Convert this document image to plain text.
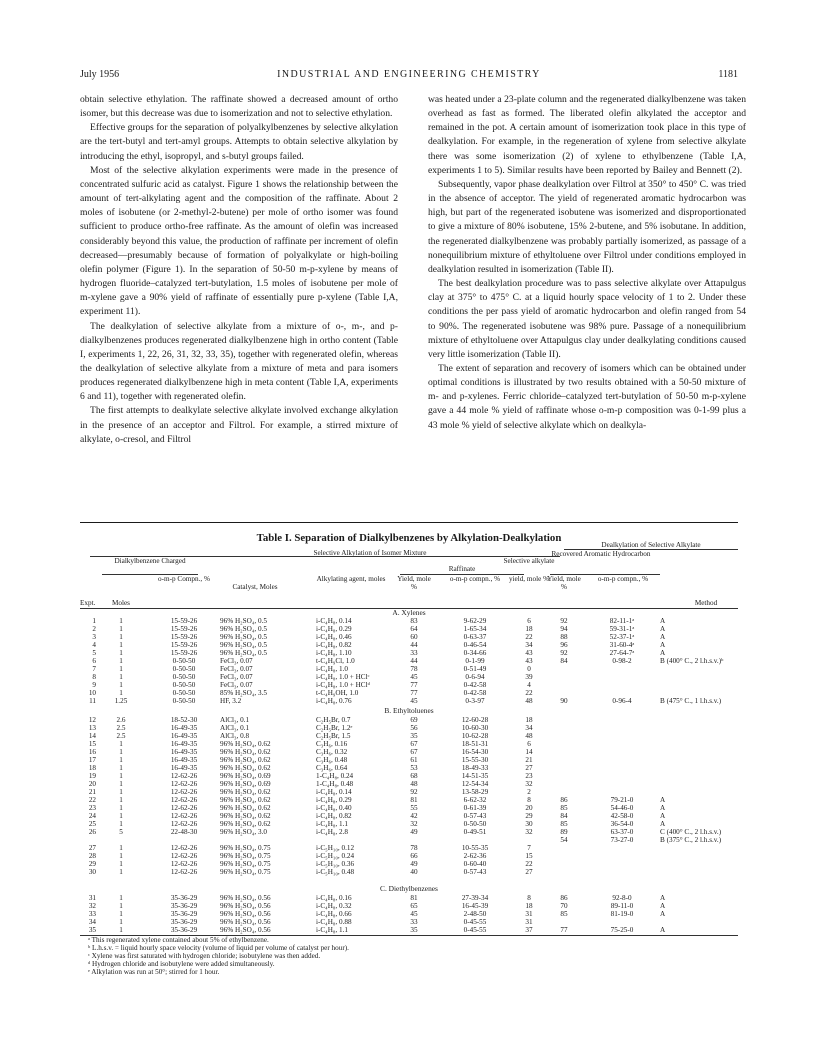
July 1956	INDUSTRIAL AND ENGINEERING CHEMISTRY	1181

obtain selective ethylation. The raffinate showed a decreased amount of ortho isomer, but this decrease was due to isomerization and not to selective ethylation.

Effective groups for the separation of polyalkylbenzenes by selective alkylation are the tert-butyl and tert-amyl groups. Attempts to obtain selective alkylation by introducing the ethyl, isopropyl, and s-butyl groups failed.

Most of the selective alkylation experiments were made in the presence of concentrated sulfuric acid as catalyst. Figure 1 shows the relationship between the amount of tert-alkylating agent and the composition of the raffinate. About 2 moles of isobutene (or 2-methyl-2-butene) per mole of ortho isomer was found sufficient to produce ortho-free raffinate. As the amount of olefin was increased considerably beyond this value, the production of raffinate per increment of olefin decreased—presumably because of formation of polyalkylate or high-boiling olefin polymer (Figure 1). In the separation of 50-50 m-p-xylene by means of hydrogen fluoride–catalyzed tert-butylation, 1.5 moles of isobutene per mole of m-xylene gave a 90% yield of raffinate of essentially pure p-xylene (Table I,A, experiment 11).

The dealkylation of selective alkylate from a mixture of o-, m-, and p-dialkylbenzenes produces regenerated dialkylbenzene high in ortho content (Table I, experiments 1, 22, 26, 31, 32, 33, 35), together with regenerated olefin, whereas the dealkylation of selective alkylate from a mixture of meta and para isomers produces regenerated dialkylbenzene high in meta content (Table I,A, experiments 6 and 11), together with regenerated olefin.

The first attempts to dealkylate selective alkylate involved exchange alkylation in the presence of an acceptor and Filtrol. For example, a stirred mixture of alkylate, o-cresol, and Filtrol

was heated under a 23-plate column and the regenerated dialkylbenzene was taken overhead as fast as formed. The liberated olefin alkylated the acceptor and remained in the pot. A certain amount of isomerization took place in this type of dealkylation. For example, in the regeneration of xylene from selective alkylate there was some isomerization (2) of xylene to ethylbenzene (Table I,A, experiments 1 to 5). Similar results have been reported by Bailey and Bennett (2).

Subsequently, vapor phase dealkylation over Filtrol at 350° to 450° C. was tried in the absence of acceptor. The yield of regenerated aromatic hydrocarbon was high, but part of the regenerated isobutene was isomerized and disproportionated to give a mixture of 80% isobutene, 15% 2-butene, and 5% isobutane. In addition, the regenerated dialkylbenzene was probably partially isomerized, as passage of a nonequilibrium mixture of ethyltoluene over Filtrol under conditions employed in dealkylation resulted in isomerization (Table II).

The best dealkylation procedure was to pass selective alkylate over Attapulgus clay at 375° to 475° C. at a liquid hourly space velocity of 1 to 2. Under these conditions the per pass yield of aromatic hydrocarbon and olefin ranged from 54 to 90%. The regenerated isobutene was 98% pure. Passage of a nonequilibrium mixture of ethyltoluene over Attapulgus clay under dealkylating conditions caused very little isomerization (Table II).

The extent of separation and recovery of isomers which can be obtained under optimal conditions is illustrated by two results obtained with a 50-50 mixture of m- and p-xylenes. Ferric chloride–catalyzed tert-butylation of 50-50 m-p-xylene gave a 44 mole % yield of raffinate whose o-m-p composition was 0-1-99 plus a 43 mole % yield of selective alkylate which on dealkyla-

Table I. Separation of Dialkylbenzenes by Alkylation-Dealkylation
Selective Alkylation of Isomer Mixture
Dealkylation of Selective Alkylate
Dialkylbenzene Charged
Raffinate
Selective alkylate
Recovered Aromatic Hydrocarbon
Expt. Moles
o-m-p Compn., %
Catalyst, Moles
Alkylating agent, moles Yield, mole %
o-m-p compn., %	yield, mole %
Yield, mole %
o-m-p compn., %
Method
A. Xylenes
1	1	15-59-26	96% H₂SO₄, 0.5	i-C₄H₈, 0.14	83	9-62-29	6	92	82-11-1ᵃ	A
2	1	15-59-26	96% H₂SO₄, 0.5	i-C₄H₈, 0.29	64	1-65-34	18	94	59-31-1ᵃ	A
3	1	15-59-26	96% H₂SO₄, 0.5	i-C₄H₈, 0.46	60	0-63-37	22	88	52-37-1ᵃ	A
4	1	15-59-26	96% H₂SO₄, 0.5	i-C₄H₈, 0.82	44	0-46-54	34	96	31-60-4ᵃ	A
5	1	15-59-26	96% H₂SO₄, 0.5	i-C₄H₈, 1.10	33	0-34-66	43	92	27-64-7ᵃ	A
6	1	0-50-50	FeCl₃, 0.07	t-C₄H₉Cl, 1.0	44	0-1-99	43	84	0-98-2	B (400° C., 2 l.h.s.v.)ᵇ
7	1	0-50-50	FeCl₃, 0.07	i-C₄H₈, 1.0	78	0-51-49	0
8	1	0-50-50	FeCl₃, 0.07	i-C₄H₈, 1.0 + HClᶜ	45	0-6-94	39
9	1	0-50-50	FeCl₃, 0.07	i-C₄H₈, 1.0 + HClᵈ	77	0-42-58	4
10	1	0-50-50	85% H₂SO₄, 3.5	t-C₄H₉OH, 1.0	77	0-42-58	22
11	1.25	0-50-50	HF, 3.2	i-C₄H₈, 0.76	45	0-3-97	48	90	0-96-4	B (475° C., 1 l.h.s.v.)
B. Ethyltoluenes
12	2.6	18-52-30	AlCl₃, 0.1	C₂H₅Br, 0.7	69	12-60-28	18
13	2.5	16-49-35	AlCl₃, 0.1	C₂H₅Br, 1.2ᵉ	56	10-60-30	34
14	2.5	16-49-35	AlCl₃, 0.8	C₂H₅Br, 1.5	35	10-62-28	48
15	1	16-49-35	96% H₂SO₄, 0.62	C₃H₆, 0.16	67	18-51-31	6
16	1	16-49-35	96% H₂SO₄, 0.62	C₃H₆, 0.32	67	16-54-30	14
17	1	16-49-35	96% H₂SO₄, 0.62	C₃H₆, 0.48	61	15-55-30	21
18	1	16-49-35	96% H₂SO₄, 0.62	C₃H₆, 0.64	53	18-49-33	27
19	1	12-62-26	96% H₂SO₄, 0.69	1-C₄H₈, 0.24	68	14-51-35	23
20	1	12-62-26	96% H₂SO₄, 0.69	1-C₄H₈, 0.48	48	12-54-34	32
21	1	12-62-26	96% H₂SO₄, 0.62	i-C₄H₈, 0.14	92	13-58-29	2
22	1	12-62-26	96% H₂SO₄, 0.62	i-C₄H₈, 0.29	81	6-62-32	8	86	79-21-0	A
23	1	12-62-26	96% H₂SO₄, 0.62	i-C₄H₈, 0.40	55	0-61-39	20	85	54-46-0	A
24	1	12-62-26	96% H₂SO₄, 0.62	i-C₄H₈, 0.82	42	0-57-43	29	84	42-58-0	A
25	1	12-62-26	96% H₂SO₄, 0.62	i-C₄H₈, 1.1	32	0-50-50	30	85	36-54-0	A
26	5	22-48-30	96% H₂SO₄, 3.0	i-C₄H₈, 2.8	49	0-49-51	32	89	63-37-0	C (400° C., 2 l.h.s.v.)
54	73-27-0	B (375° C., 2 l.h.s.v.)
27	1	12-62-26	96% H₂SO₄, 0.75	i-C₅H₁₀, 0.12	78	10-55-35	7
28	1	12-62-26	96% H₂SO₄, 0.75	i-C₅H₁₀, 0.24	66	2-62-36	15
29	1	12-62-26	96% H₂SO₄, 0.75	i-C₅H₁₀, 0.36	49	0-60-40	22
30	1	12-62-26	96% H₂SO₄, 0.75	i-C₅H₁₀, 0.48	40	0-57-43	27
C. Diethylbenzenes
31	1	35-36-29	96% H₂SO₄, 0.56	i-C₄H₈, 0.16	81	27-39-34	8	86	92-8-0	A
32	1	35-36-29	96% H₂SO₄, 0.56	i-C₄H₈, 0.32	65	16-45-39	18	70	89-11-0	A
33	1	35-36-29	96% H₂SO₄, 0.56	i-C₄H₈, 0.66	45	2-48-50	31	85	81-19-0	A
34	1	35-36-29	96% H₂SO₄, 0.56	i-C₄H₈, 0.88	33	0-45-55	31
35	1	35-36-29	96% H₂SO₄, 0.56	i-C₄H₈, 1.1	35	0-45-55	37	77	75-25-0	A
ᵃ This regenerated xylene contained about 5% of ethylbenzene.
ᵇ L.h.s.v. = liquid hourly space velocity (volume of liquid per volume of catalyst per hour).
ᶜ Xylene was first saturated with hydrogen chloride; isobutylene was then added.
ᵈ Hydrogen chloride and isobutylene were added simultaneously.
ᵉ Alkylation was run at 50°; stirred for 1 hour.
